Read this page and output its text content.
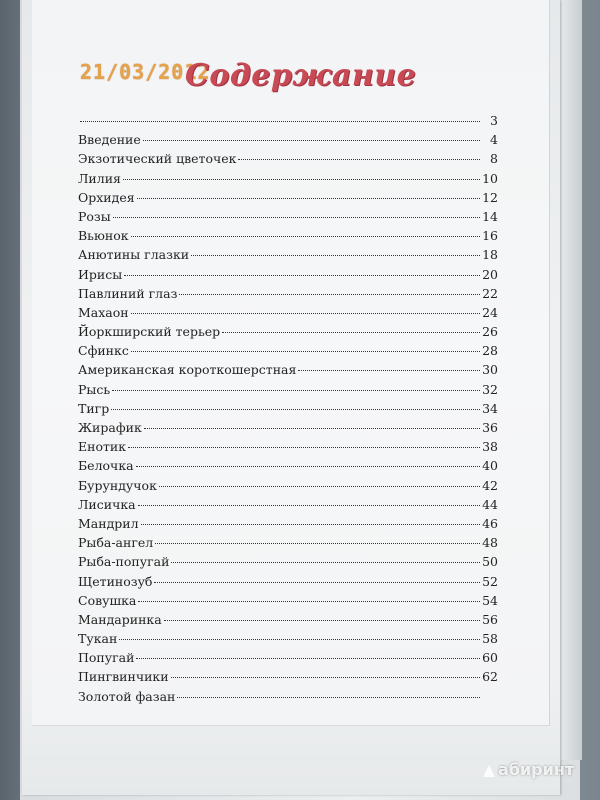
21/03/2012
Содержание
3
Введение	4
Экзотический цветочек	8
Лилия	10
Орхидея	12
Розы	14
Вьюнок	16
Анютины глазки	18
Ирисы	20
Павлиний глаз	22
Махаон	24
Йоркширский терьер	26
Сфинкс	28
Американская короткошерстная	30
Рысь	32
Тигр	34
Жирафик	36
Енотик	38
Белочка	40
Бурундучок	42
Лисичка	44
Мандрил	46
Рыба-ангел	48
Рыба-попугай	50
Щетинозуб	52
Совушка	54
Мандаринка	56
Тукан	58
Попугай	60
Пингвинчики	62
Золотой фазан
абиринт
